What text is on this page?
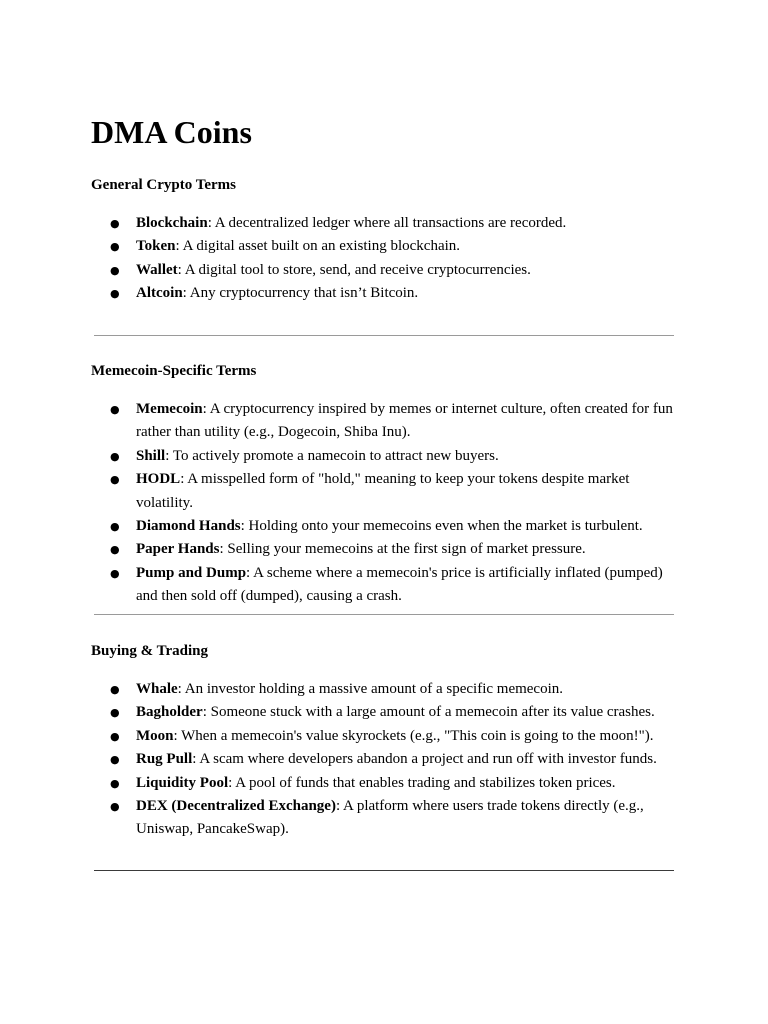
DMA Coins
General Crypto Terms
● Blockchain: A decentralized ledger where all transactions are recorded.
● Token: A digital asset built on an existing blockchain.
● Wallet: A digital tool to store, send, and receive cryptocurrencies.
● Altcoin: Any cryptocurrency that isn’t Bitcoin.
Memecoin-Specific Terms
● Memecoin: A cryptocurrency inspired by memes or internet culture, often created for fun rather than utility (e.g., Dogecoin, Shiba Inu).
● Shill: To actively promote a namecoin to attract new buyers.
● HODL: A misspelled form of "hold," meaning to keep your tokens despite market volatility.
● Diamond Hands: Holding onto your memecoins even when the market is turbulent.
● Paper Hands: Selling your memecoins at the first sign of market pressure.
● Pump and Dump: A scheme where a memecoin's price is artificially inflated (pumped) and then sold off (dumped), causing a crash.
Buying & Trading
● Whale: An investor holding a massive amount of a specific memecoin.
● Bagholder: Someone stuck with a large amount of a memecoin after its value crashes.
● Moon: When a memecoin's value skyrockets (e.g., "This coin is going to the moon!").
● Rug Pull: A scam where developers abandon a project and run off with investor funds.
● Liquidity Pool: A pool of funds that enables trading and stabilizes token prices.
● DEX (Decentralized Exchange): A platform where users trade tokens directly (e.g., Uniswap, PancakeSwap).
